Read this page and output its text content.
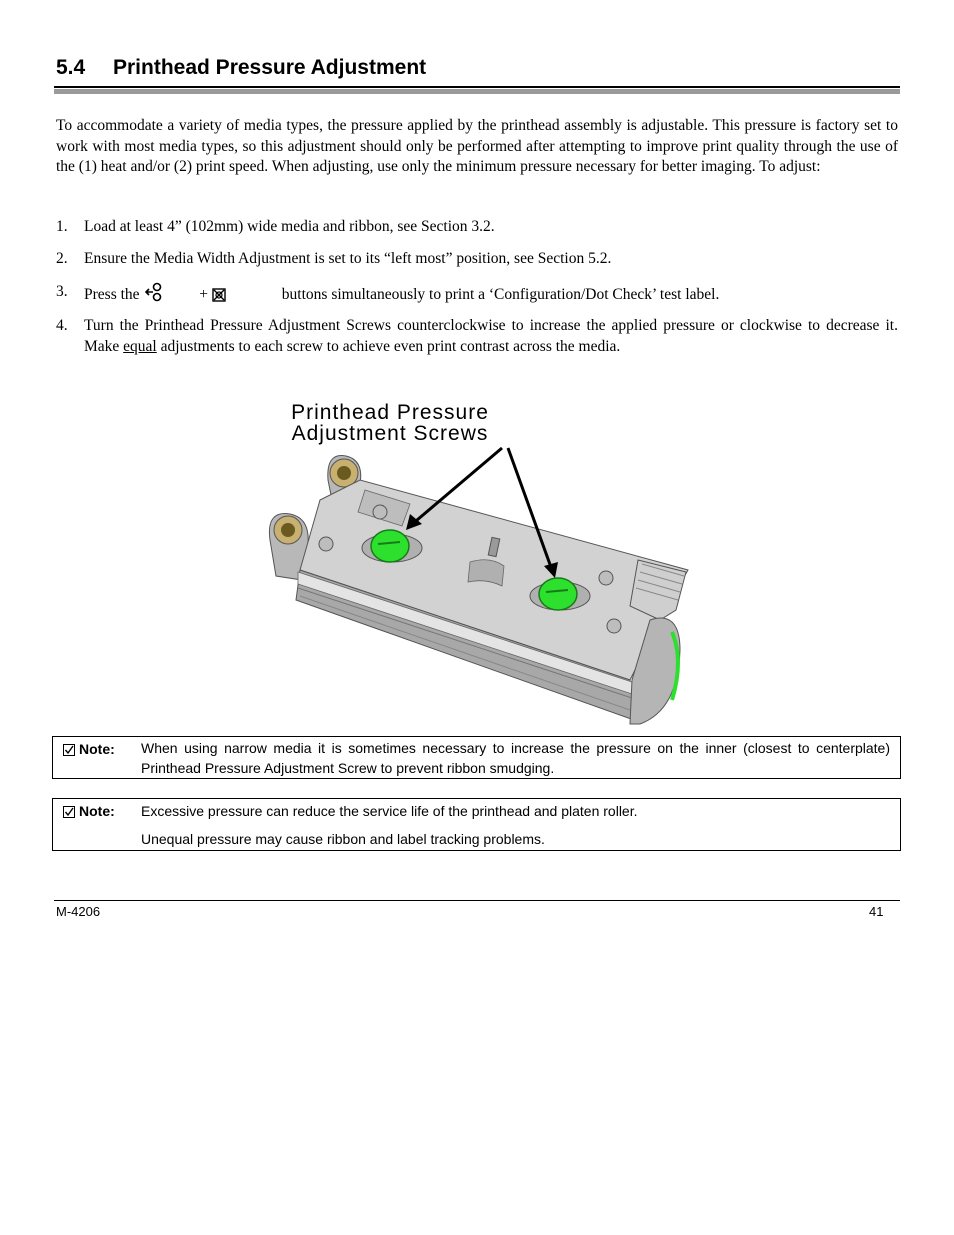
5.4 Printhead Pressure Adjustment

To accommodate a variety of media types, the pressure applied by the printhead assembly is adjustable. This pressure is factory set to work with most media types, so this adjustment should only be performed after attempting to improve print quality through the use of the (1) heat and/or (2) print speed. When adjusting, use only the minimum pressure necessary for better imaging. To adjust:

1. Load at least 4” (102mm) wide media and ribbon, see Section 3.2.
2. Ensure the Media Width Adjustment is set to its “left most” position, see Section 5.2.
3. Press the	+	buttons simultaneously to print a ‘Configuration/Dot Check’ test label.
4. Turn the Printhead Pressure Adjustment Screws counterclockwise to increase the applied pressure or clockwise to decrease it. Make equal adjustments to each screw to achieve even print contrast across the media.
Printhead Pressure
Adjustment Screws
Note: When using narrow media it is sometimes necessary to increase the pressure on the inner (closest to centerplate) Printhead Pressure Adjustment Screw to prevent ribbon smudging.
Note: Excessive pressure can reduce the service life of the printhead and platen roller.
Unequal pressure may cause ribbon and label tracking problems.
M-4206	41
